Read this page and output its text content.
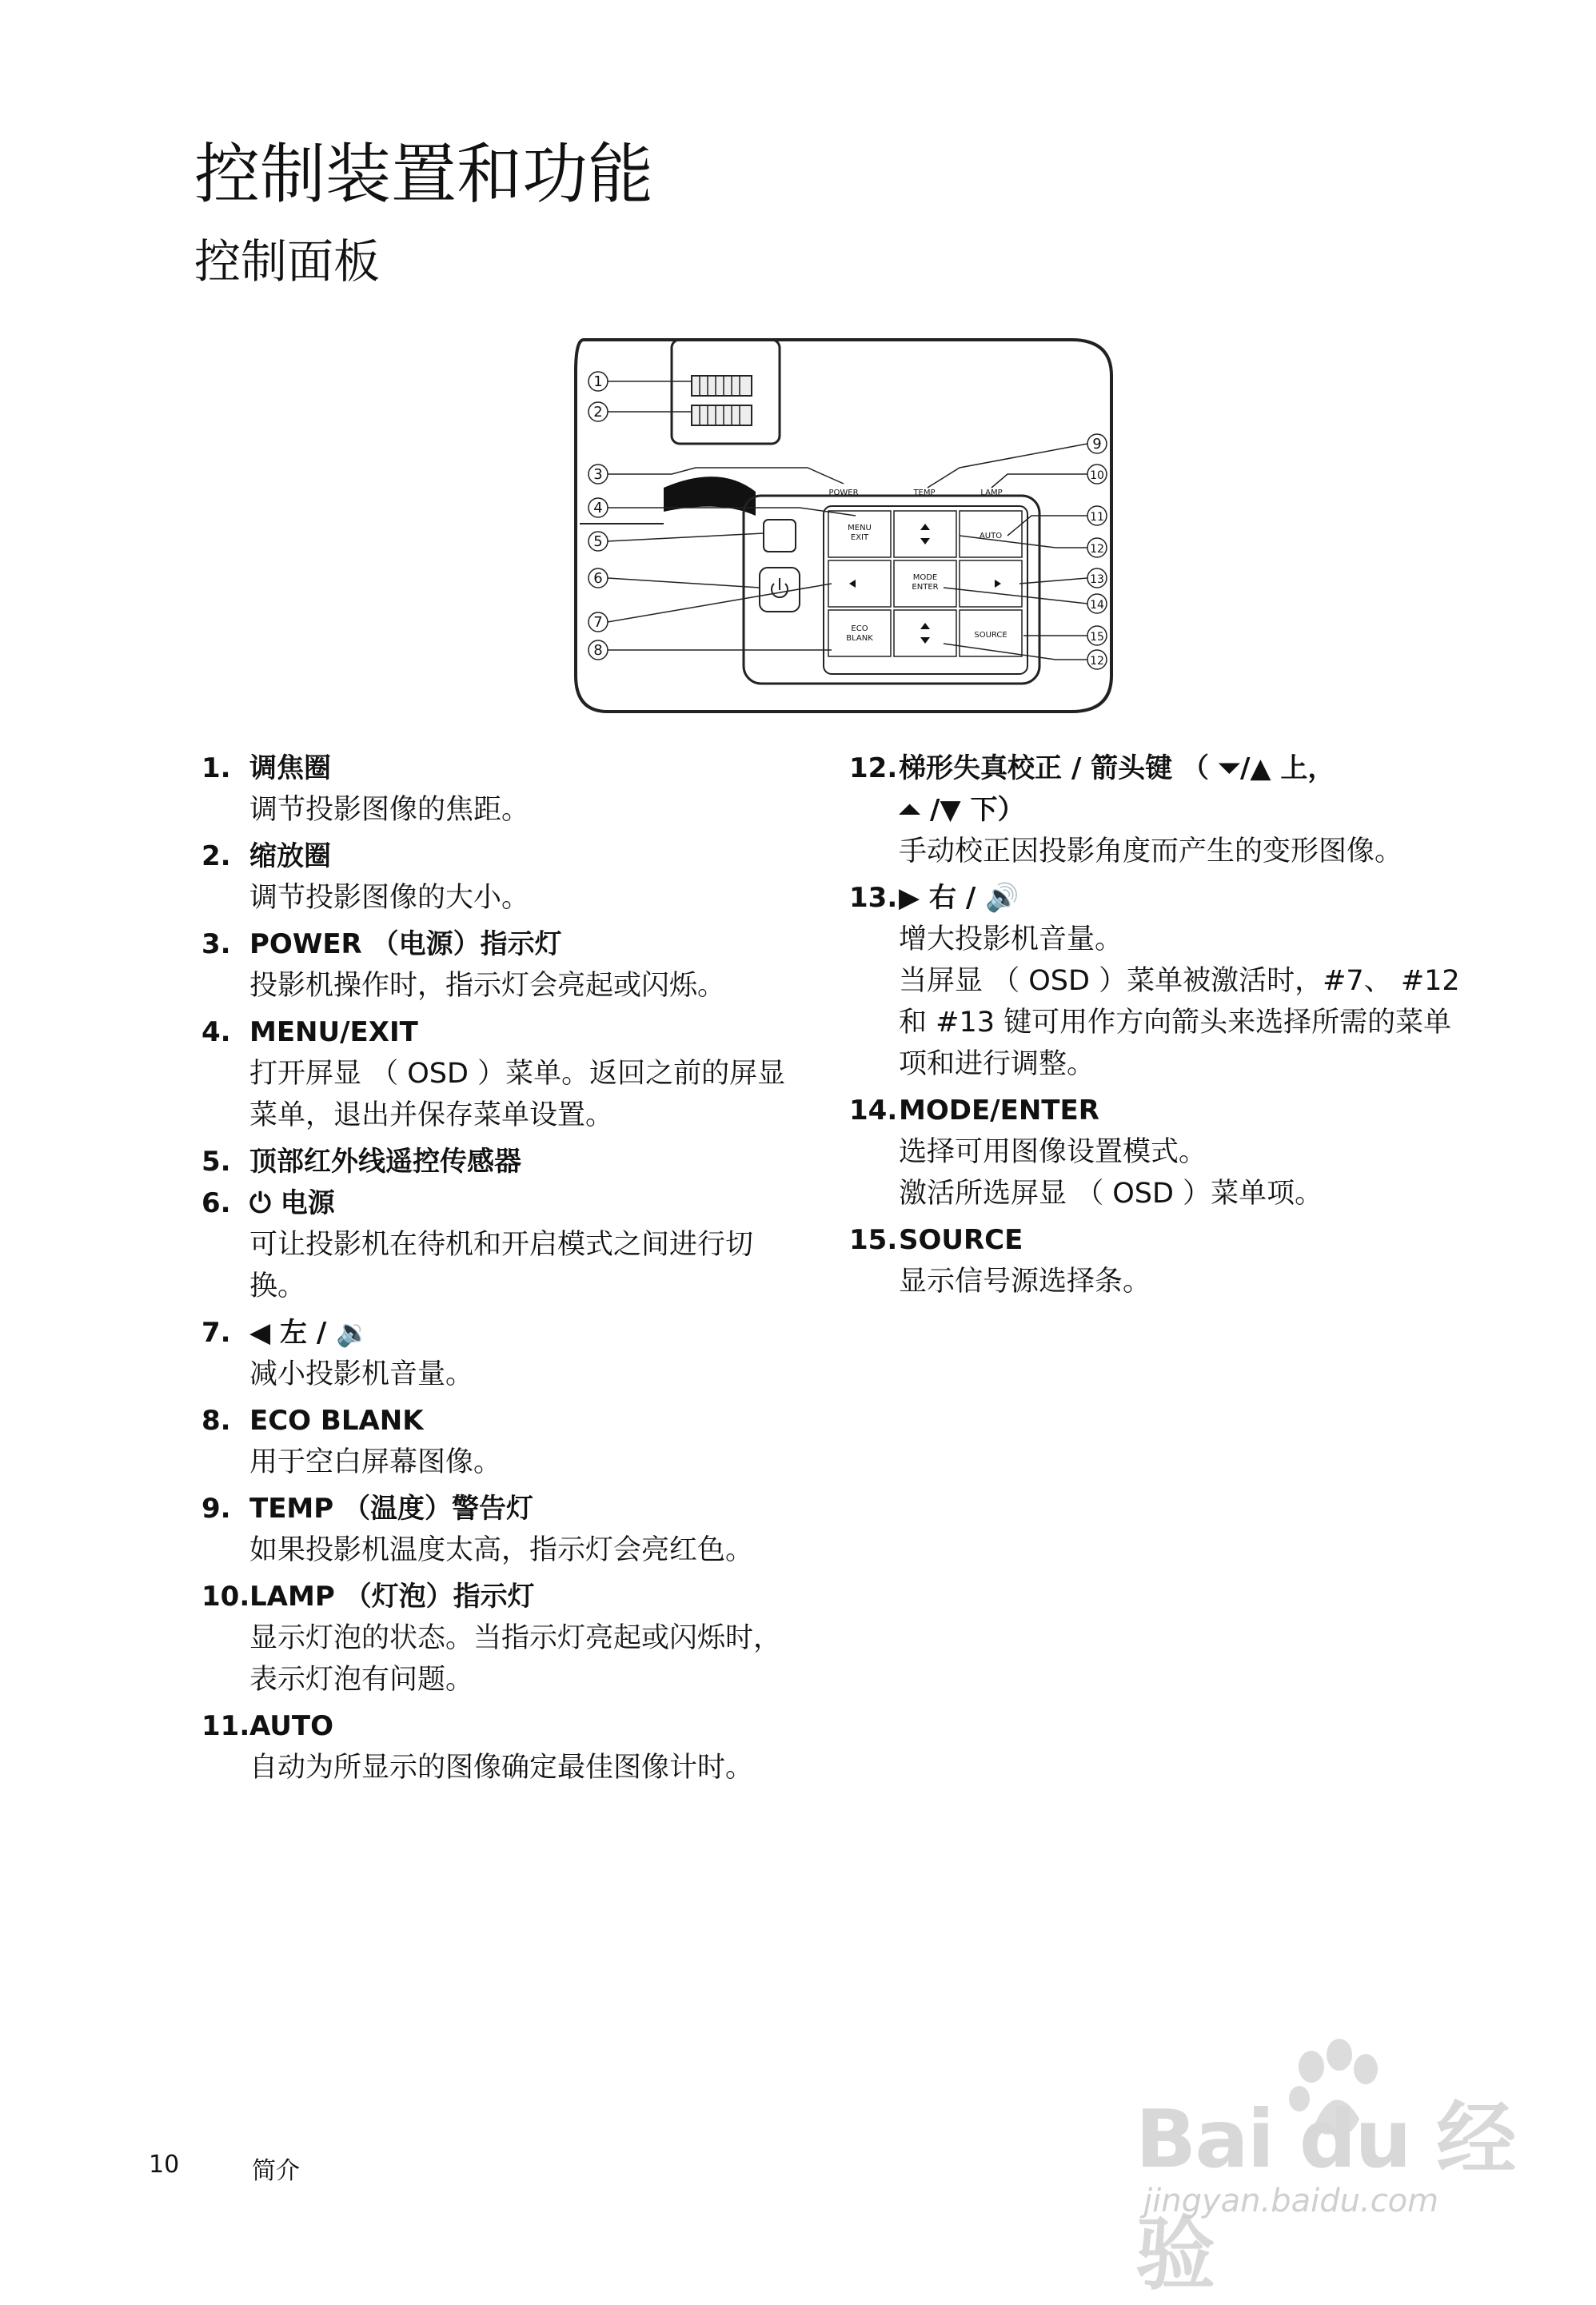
控制装置和功能
控制面板
MENU
EXIT	AUTO
MODE
ENTER
ECO
BLANK	SOURCE
POWER	TEMP	LAMP
1
2
3
4
5
6
7
8
9
10
11
12
13
14
15
12
1. 调焦圈

调节投影图像的焦距。

2. 缩放圈

调节投影图像的大小。

3. POWER （电源）指示灯

投影机操作时，指示灯会亮起或闪烁。

4. MENU/EXIT

打开屏显 （ OSD ）菜单。返回之前的屏显

菜单，退出并保存菜单设置。

5. 顶部红外线遥控传感器
6. ⏻ 电源

可让投影机在待机和开启模式之间进行切

换。

7. ◀ 左 / 🔉

减小投影机音量。

8. ECO BLANK

用于空白屏幕图像。

9. TEMP （温度）警告灯

如果投影机温度太高，指示灯会亮红色。

10. LAMP （灯泡）指示灯

显示灯泡的状态。当指示灯亮起或闪烁时，

表示灯泡有问题。

11. AUTO

自动为所显示的图像确定最佳图像计时。

12. 梯形失真校正 / 箭头键 （ ⏷/▲ 上，
⏶ /▼ 下）

手动校正因投影角度而产生的变形图像。

13. ▶ 右 / 🔊

增大投影机音量。

当屏显 （ OSD ）菜单被激活时，#7、 #12

和 #13 键可用作方向箭头来选择所需的菜单

项和进行调整。

14. MODE/ENTER

选择可用图像设置模式。

激活所选屏显 （ OSD ）菜单项。

15. SOURCE

显示信号源选择条。

10	简介	Bai du 经验
jingyan.baidu.com
